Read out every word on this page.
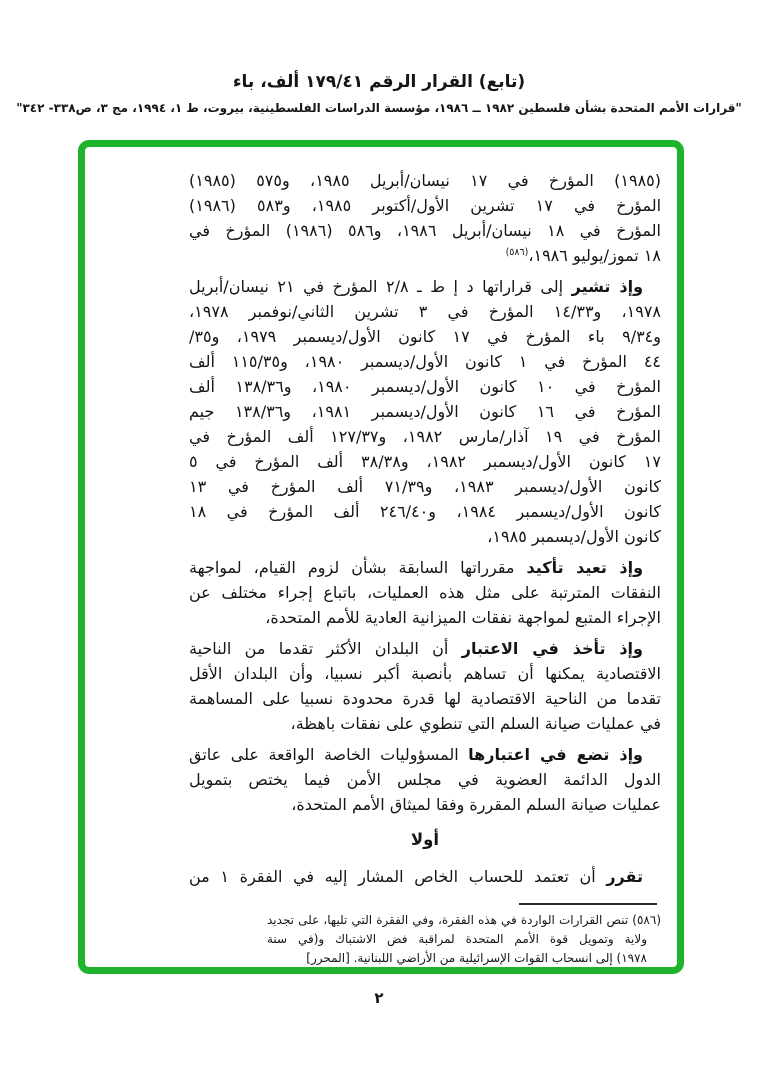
(تابع) القرار الرقم ١٧٩/٤١ ألف، باء
"قرارات الأمم المتحدة بشأن فلسطين ١٩٨٢ ــ ١٩٨٦، مؤسسة الدراسات الفلسطينية، بيروت، ط ١، ١٩٩٤، مج ٣، ص٣٣٨- ٣٤٢"
(١٩٨٥) المؤرخ في ١٧ نيسان/أبريل ١٩٨٥، و٥٧٥ (١٩٨٥)
المؤرخ في ١٧ تشرين الأول/أكتوبر ١٩٨٥، و٥٨٣ (١٩٨٦)
المؤرخ في ١٨ نيسان/أبريل ١٩٨٦، و٥٨٦ (١٩٨٦) المؤرخ في
١٨ تموز/يوليو ١٩٨٦،$^{(٥٨٦)}$
وإذ تشير إلى قراراتها د إ ط ـ ٢/٨ المؤرخ في ٢١ نيسان/أبريل
١٩٧٨، و١٤/٣٣ المؤرخ في ٣ تشرين الثاني/نوفمبر ١٩٧٨،
و٩/٣٤ باء المؤرخ في ١٧ كانون الأول/ديسمبر ١٩٧٩، و٣٥/
٤٤ المؤرخ في ١ كانون الأول/ديسمبر ١٩٨٠، و١١٥/٣٥ ألف
المؤرخ في ١٠ كانون الأول/ديسمبر ١٩٨٠، و١٣٨/٣٦ ألف
المؤرخ في ١٦ كانون الأول/ديسمبر ١٩٨١، و١٣٨/٣٦ جيم
المؤرخ في ١٩ آذار/مارس ١٩٨٢، و١٢٧/٣٧ ألف المؤرخ في
١٧ كانون الأول/ديسمبر ١٩٨٢، و٣٨/٣٨ ألف المؤرخ في ٥
كانون الأول/ديسمبر ١٩٨٣، و٧١/٣٩ ألف المؤرخ في ١٣
كانون الأول/ديسمبر ١٩٨٤، و٢٤٦/٤٠ ألف المؤرخ في ١٨
كانون الأول/ديسمبر ١٩٨٥،
وإذ تعيد تأكيد مقرراتها السابقة بشأن لزوم القيام، لمواجهة
النفقات المترتبة على مثل هذه العمليات، باتباع إجراء مختلف عن
الإجراء المتبع لمواجهة نفقات الميزانية العادية للأمم المتحدة،
وإذ تأخذ في الاعتبار أن البلدان الأكثر تقدما من الناحية
الاقتصادية يمكنها أن تساهم بأنصبة أكبر نسبيا، وأن البلدان الأقل
تقدما من الناحية الاقتصادية لها قدرة محدودة نسبيا على المساهمة
في عمليات صيانة السلم التي تنطوي على نفقات باهظة،
وإذ تضع في اعتبارها المسؤوليات الخاصة الواقعة على عاتق
الدول الدائمة العضوية في مجلس الأمن فيما يختص بتمويل
عمليات صيانة السلم المقررة وفقا لميثاق الأمم المتحدة،
أولا
تقرر أن تعتمد للحساب الخاص المشار إليه في الفقرة ١ من
(٥٨٦) تنص القرارات الواردة في هذه الفقرة، وفي الفقرة التي تليها، على تجديد
ولاية وتمويل قوة الأمم المتحدة لمراقبة فض الاشتباك و(في سنة
١٩٧٨) إلى انسحاب القوات الإسرائيلية من الأراضي اللبنانية. [المحرر]
٢
